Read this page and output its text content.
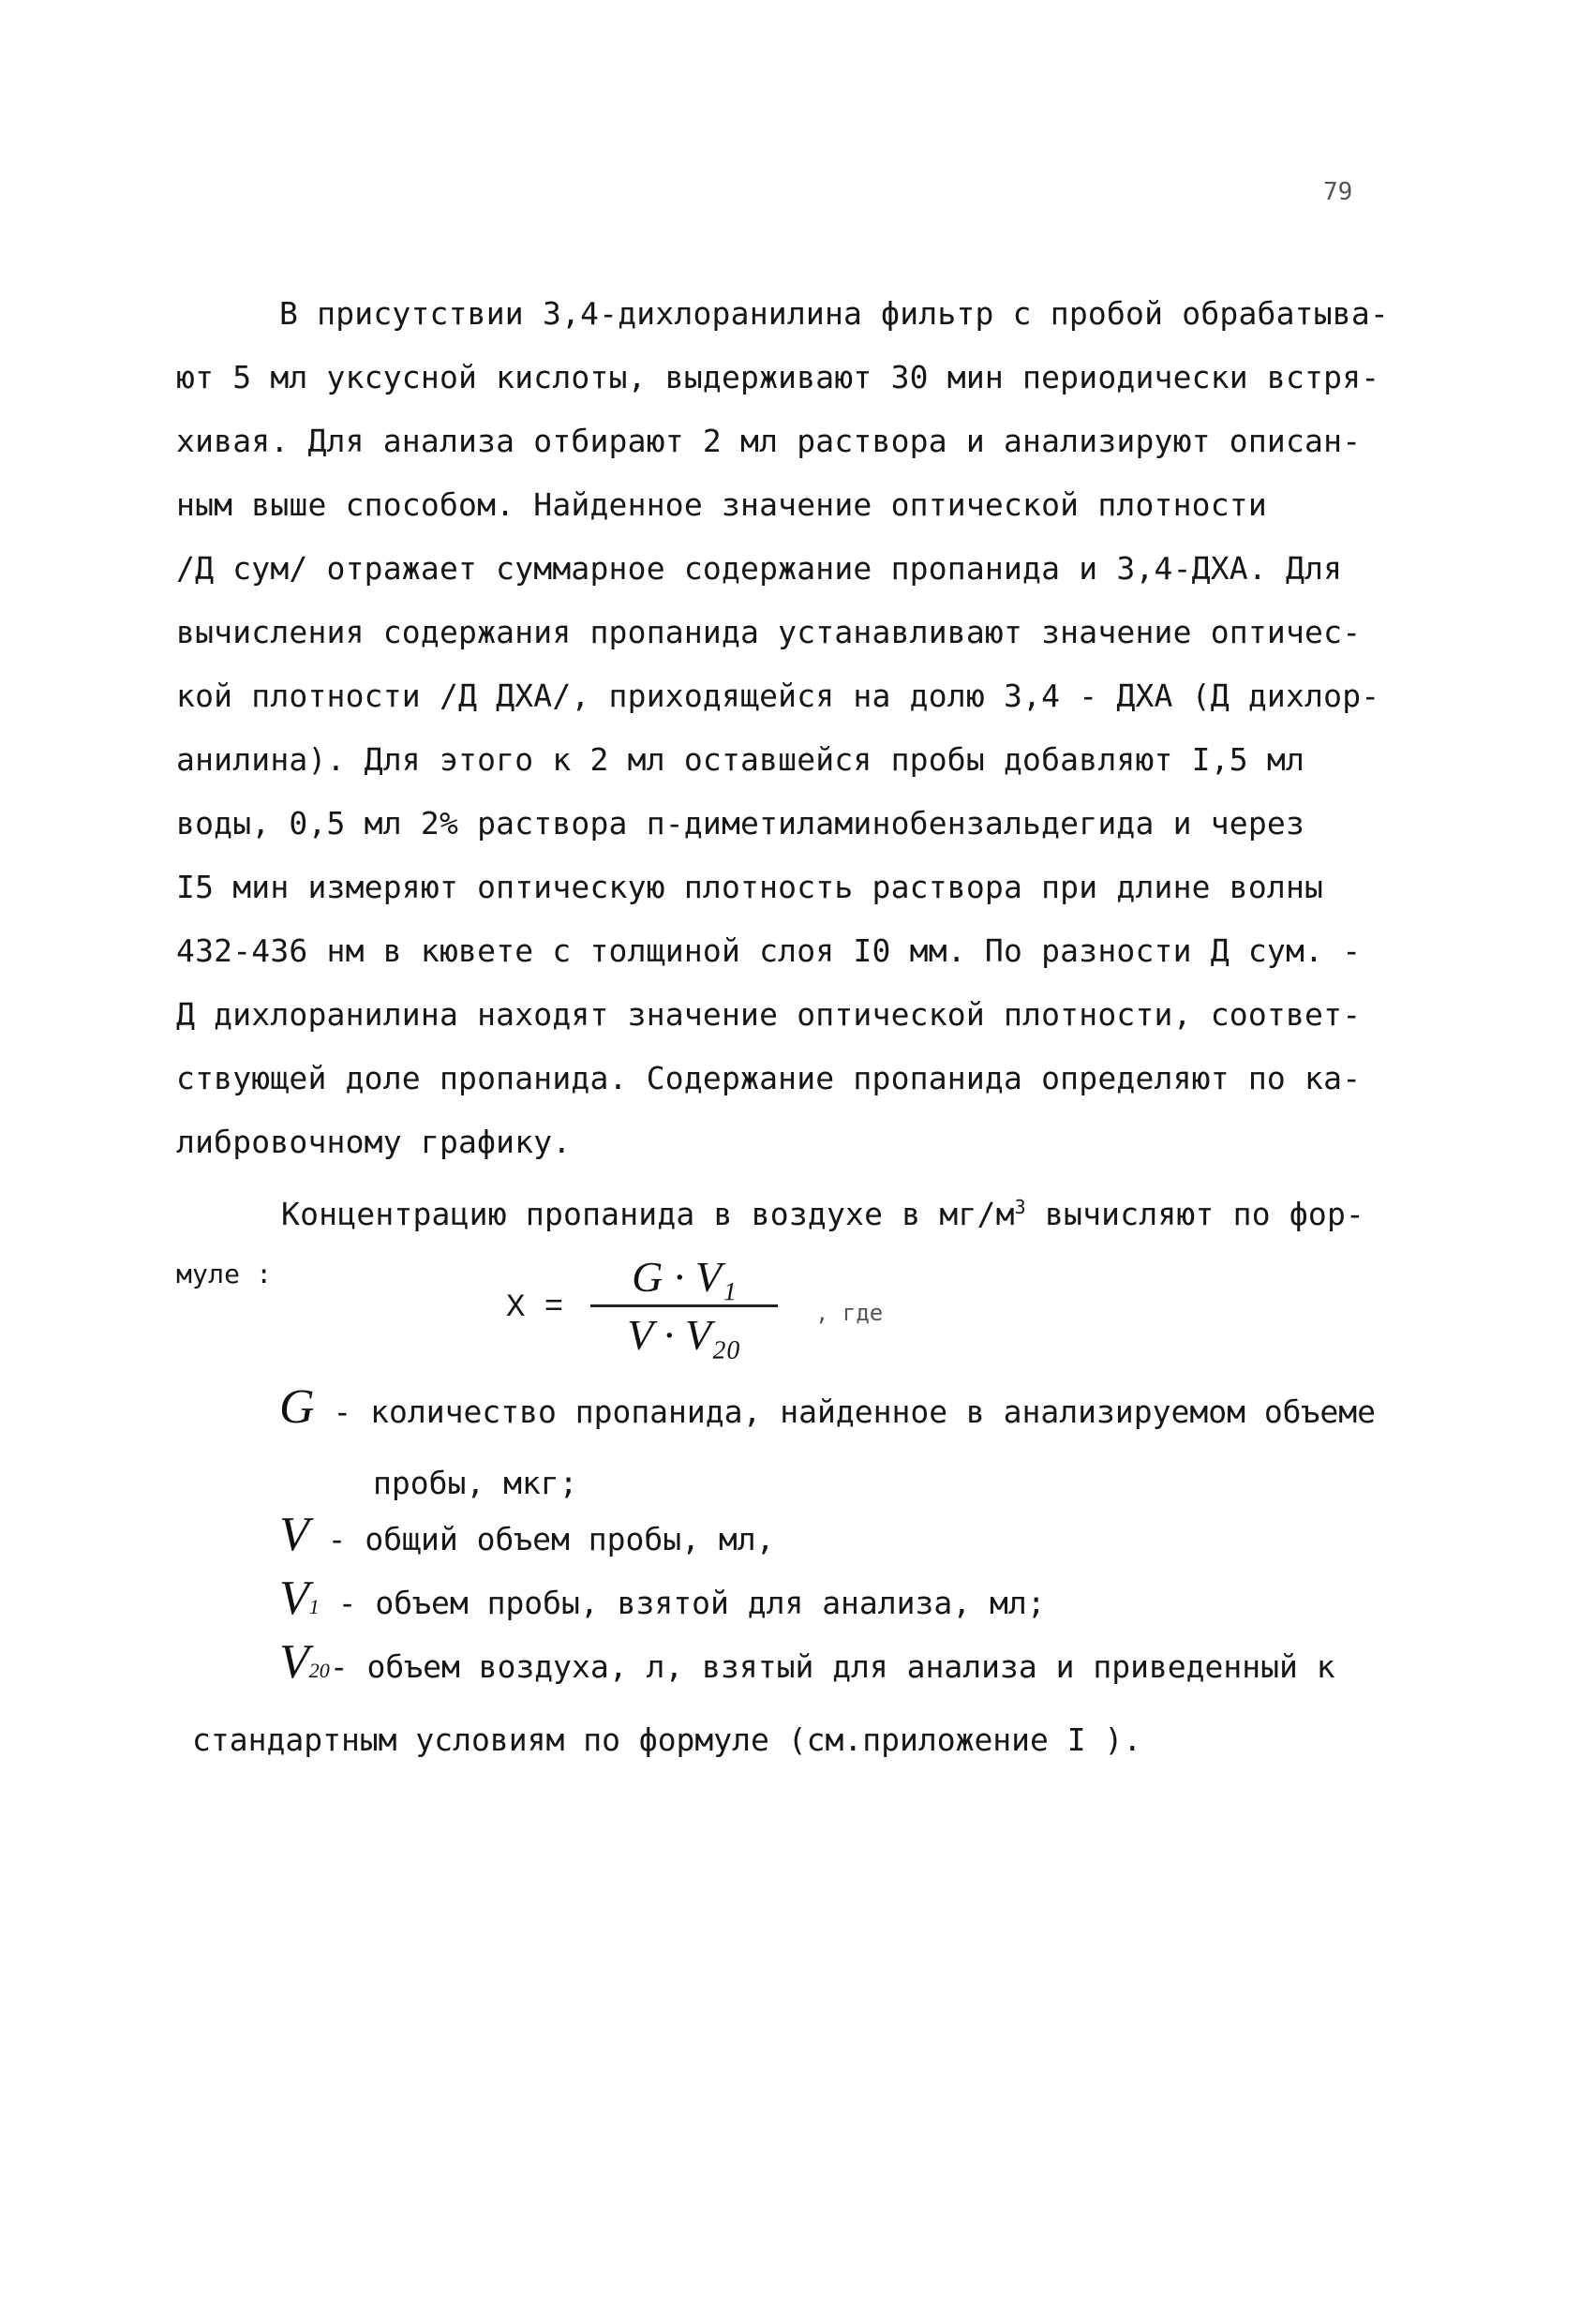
79
В присутствии 3,4-дихлоранилина фильтр с пробой обрабатыва-
ют 5 мл уксусной кислоты, выдерживают 30 мин периодически встря-
хивая. Для анализа отбирают 2 мл раствора и анализируют описан-
ным выше способом. Найденное значение оптической плотности
/Д сум/ отражает суммарное содержание пропанида и 3,4-ДХА. Для
вычисления содержания пропанида устанавливают значение оптичес-
кой плотности /Д ДХА/, приходящейся на долю 3,4 - ДХА (Д дихлор-
анилина). Для этого к 2 мл оставшейся пробы добавляют I,5 мл
воды, 0,5 мл 2% раствора п-диметиламинобензальдегида и через
I5 мин измеряют оптическую плотность раствора при длине волны
432-436 нм в кювете с толщиной слоя I0 мм. По разности Д сум. -
Д дихлоранилина находят значение оптической плотности, соответ-
ствующей доле пропанида. Содержание пропанида определяют по ка-
либровочному графику.
Концентрацию пропанида в воздухе в $мг/м^3$ вычисляют по фор-
муле :
X =
G · V₁
V · V₂₀	, где
G - количество пропанида, найденное в анализируемом объеме
пробы, мкг;
V - общий объем пробы, мл,
V1 - объем пробы, взятой для анализа, мл;
V20- объем воздуха, л, взятый для анализа и приведенный к
стандартным условиям по формуле (см.приложение I ).
